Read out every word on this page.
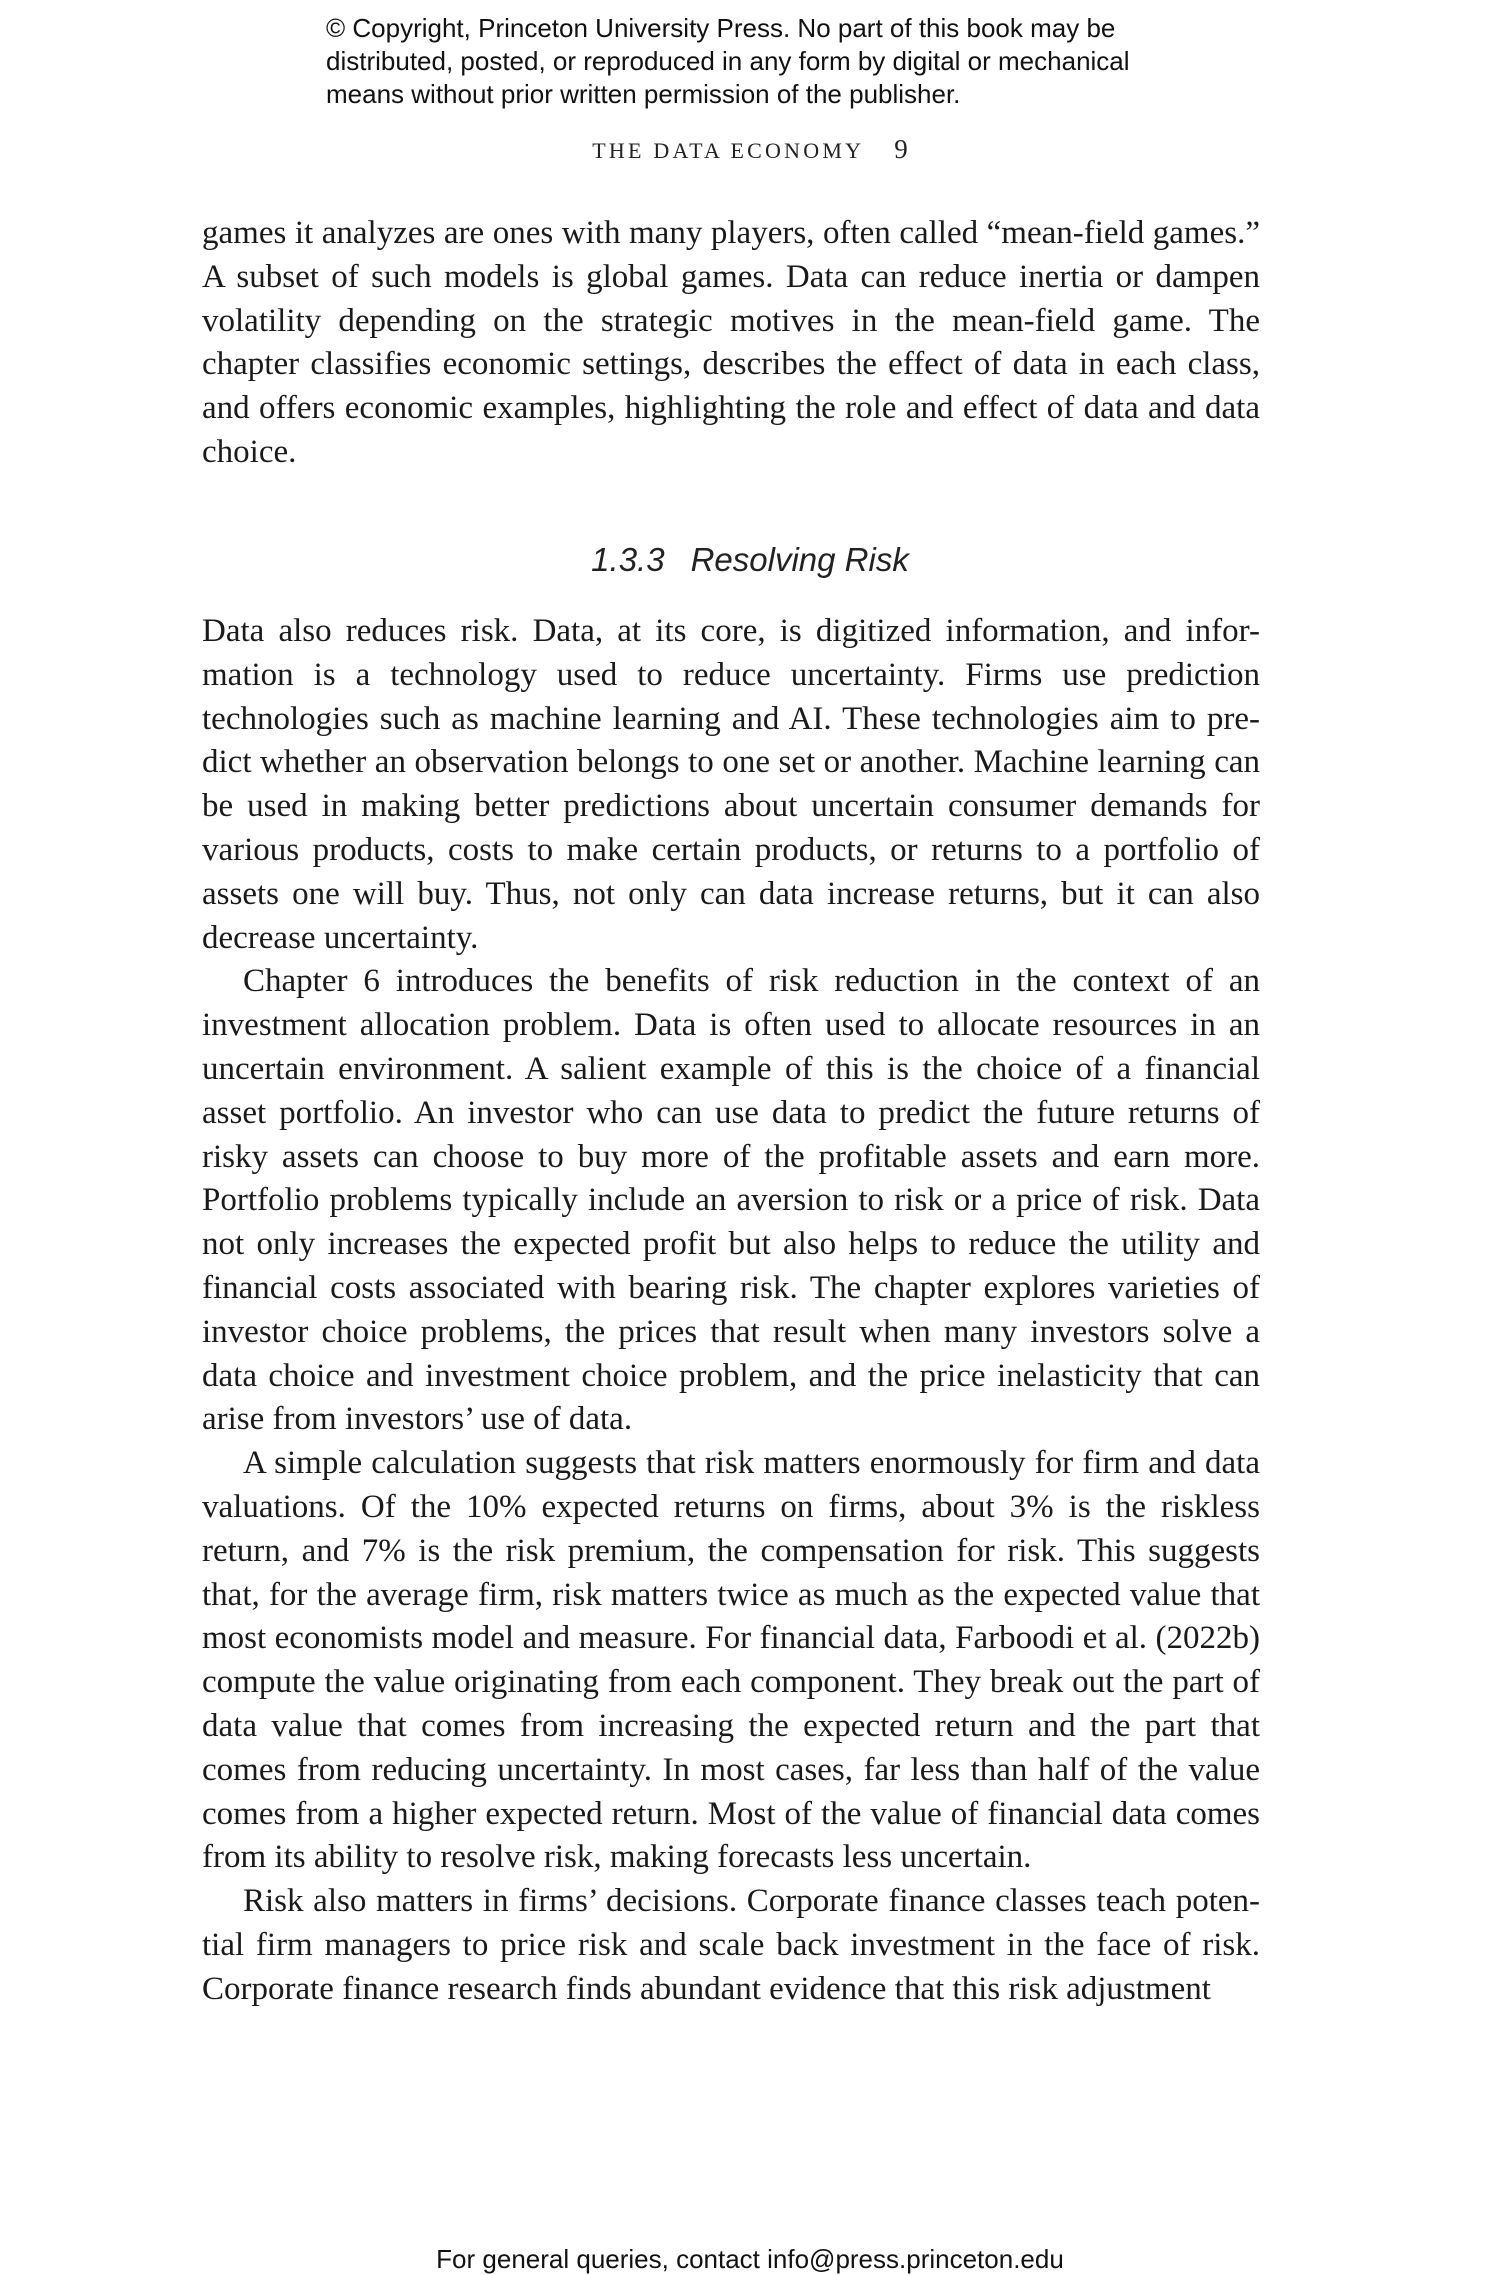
© Copyright, Princeton University Press. No part of this book may be
distributed, posted, or reproduced in any form by digital or mechanical
means without prior written permission of the publisher.
THE DATA ECONOMY 9

games it analyzes are ones with many players, often called “mean-field games.” A subset of such models is global games. Data can reduce inertia or dampen volatility depending on the strategic motives in the mean-field game. The chapter classifies economic settings, describes the effect of data in each class, and offers economic examples, highlighting the role and effect of data and data choice.

1.3.3 Resolving Risk

Data also reduces risk. Data, at its core, is digitized information, and infor-mation is a technology used to reduce uncertainty. Firms use prediction technologies such as machine learning and AI. These technologies aim to pre-dict whether an observation belongs to one set or another. Machine learning can be used in making better predictions about uncertain consumer demands for various products, costs to make certain products, or returns to a portfolio of assets one will buy. Thus, not only can data increase returns, but it can also decrease uncertainty.

Chapter 6 introduces the benefits of risk reduction in the context of an investment allocation problem. Data is often used to allocate resources in an uncertain environment. A salient example of this is the choice of a financial asset portfolio. An investor who can use data to predict the future returns of risky assets can choose to buy more of the profitable assets and earn more. Portfolio problems typically include an aversion to risk or a price of risk. Data not only increases the expected profit but also helps to reduce the utility and financial costs associated with bearing risk. The chapter explores varieties of investor choice problems, the prices that result when many investors solve a data choice and investment choice problem, and the price inelasticity that can arise from investors’ use of data.

A simple calculation suggests that risk matters enormously for firm and data valuations. Of the 10% expected returns on firms, about 3% is the riskless return, and 7% is the risk premium, the compensation for risk. This suggests that, for the average firm, risk matters twice as much as the expected value that most economists model and measure. For financial data, Farboodi et al. (2022b) compute the value originating from each component. They break out the part of data value that comes from increasing the expected return and the part that comes from reducing uncertainty. In most cases, far less than half of the value comes from a higher expected return. Most of the value of financial data comes from its ability to resolve risk, making forecasts less uncertain.

Risk also matters in firms’ decisions. Corporate finance classes teach poten-tial firm managers to price risk and scale back investment in the face of risk. Corporate finance research finds abundant evidence that this risk adjustment

For general queries, contact info@press.princeton.edu
